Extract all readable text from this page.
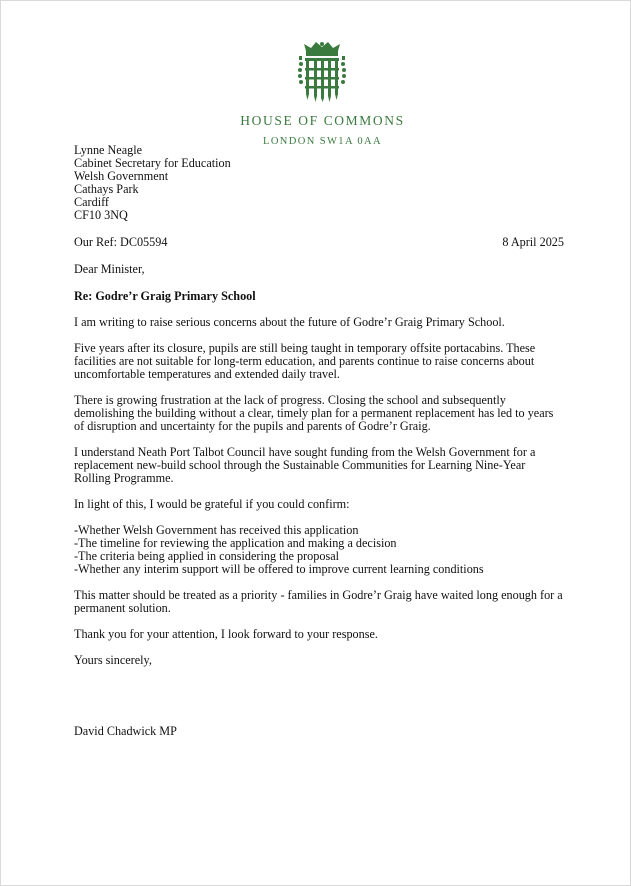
HOUSE OF COMMONS
LONDON SW1A 0AA
Lynne Neagle
Cabinet Secretary for Education
Welsh Government
Cathays Park
Cardiff
CF10 3NQ
Our Ref: DC05594	8 April 2025
Dear Minister,
Re: Godre’r Graig Primary School

I am writing to raise serious concerns about the future of Godre’r Graig Primary School.

Five years after its closure, pupils are still being taught in temporary offsite portacabins. These facilities are not suitable for long-term education, and parents continue to raise concerns about uncomfortable temperatures and extended daily travel.

There is growing frustration at the lack of progress. Closing the school and subsequently demolishing the building without a clear, timely plan for a permanent replacement has led to years of disruption and uncertainty for the pupils and parents of Godre’r Graig.

I understand Neath Port Talbot Council have sought funding from the Welsh Government for a replacement new-build school through the Sustainable Communities for Learning Nine-Year Rolling Programme.

In light of this, I would be grateful if you could confirm:

-Whether Welsh Government has received this application
-The timeline for reviewing the application and making a decision
-The criteria being applied in considering the proposal
-Whether any interim support will be offered to improve current learning conditions

This matter should be treated as a priority - families in Godre’r Graig have waited long enough for a permanent solution.

Thank you for your attention, I look forward to your response.

Yours sincerely,
David Chadwick MP
